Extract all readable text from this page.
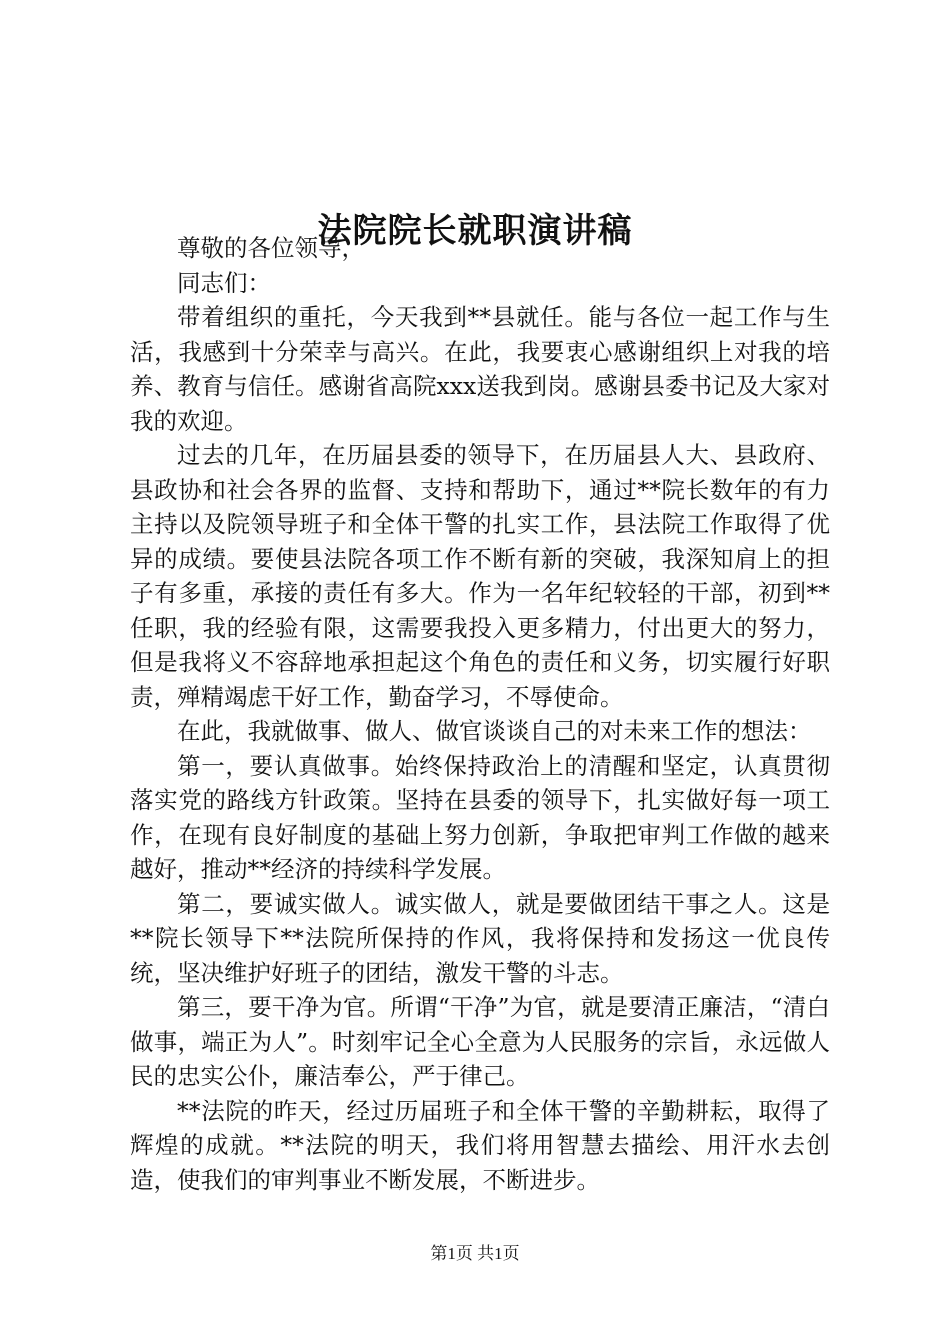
法院院长就职演讲稿

尊敬的各位领导，

同志们：

带着组织的重托，今天我到**县就任。能与各位一起工作与生活，我感到十分荣幸与高兴。在此，我要衷心感谢组织上对我的培养、教育与信任。感谢省高院xxx送我到岗。感谢县委书记及大家对我的欢迎。

过去的几年，在历届县委的领导下，在历届县人大、县政府、县政协和社会各界的监督、支持和帮助下，通过**院长数年的有力主持以及院领导班子和全体干警的扎实工作，县法院工作取得了优异的成绩。要使县法院各项工作不断有新的突破，我深知肩上的担子有多重，承接的责任有多大。作为一名年纪较轻的干部，初到**任职，我的经验有限，这需要我投入更多精力，付出更大的努力，但是我将义不容辞地承担起这个角色的责任和义务，切实履行好职责，殚精竭虑干好工作，勤奋学习，不辱使命。

在此，我就做事、做人、做官谈谈自己的对未来工作的想法：

第一，要认真做事。始终保持政治上的清醒和坚定，认真贯彻落实党的路线方针政策。坚持在县委的领导下，扎实做好每一项工作，在现有良好制度的基础上努力创新，争取把审判工作做的越来越好，推动**经济的持续科学发展。

第二，要诚实做人。诚实做人，就是要做团结干事之人。这是**院长领导下**法院所保持的作风，我将保持和发扬这一优良传统，坚决维护好班子的团结，激发干警的斗志。

第三，要干净为官。所谓“干净”为官，就是要清正廉洁，“清白做事，端正为人”。时刻牢记全心全意为人民服务的宗旨，永远做人民的忠实公仆，廉洁奉公，严于律己。

**法院的昨天，经过历届班子和全体干警的辛勤耕耘，取得了辉煌的成就。**法院的明天，我们将用智慧去描绘、用汗水去创造，使我们的审判事业不断发展，不断进步。

第1页 共1页
